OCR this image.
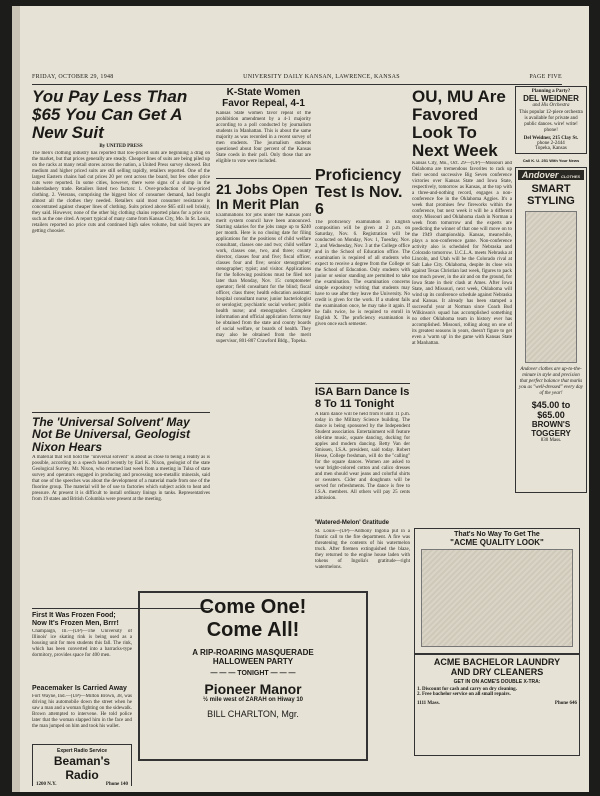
FRIDAY, OCTOBER 29, 1948	UNIVERSITY DAILY KANSAN, LAWRENCE, KANSAS	PAGE FIVE
You Pay Less Than $65 You Can Get A New Suit
By UNITED PRESS

The men's clothing industry has reported that low-priced suits are beginning a drag on the market, but that prices generally are steady. Cheaper lines of suits are being piled up on the racks at many retail stores across the nation, a United Press survey showed. But medium and higher priced suits are still selling rapidly, retailers reported. One of the largest Eastern chains had cut prices 20 per cent across the board, but few other price cuts were reported. In some cities, however, there were signs of a slump in the haberdashery trade. Retailers listed two factors: 1. Over-production of low-priced clothing. 2. Veterans, comprising the biggest bloc of consumer demand, had bought almost all the clothes they needed. Retailers said most consumer resistance is concentrated against cheaper lines of clothing. Suits priced above $65 still sell briskly, they said. However, none of the other big clothing chains reported plans for a price cut such as the one cited. A report typical of many came from Kansas City, Mo. In St. Louis, retailers reported no price cuts and continued high sales volume, but said buyers are getting choosier.

The 'Universal Solvent' May Not Be Universal, Geologist Nixon Hears

A material that will hold the "universal solvent" is about as close to being a reality as is possible, according to a speech heard recently by Earl K. Nixon, geologist of the state Geological Survey. Mr. Nixon, who returned last week from a meeting in Tulsa of state survey and operators engaged in producing and processing non-metallic minerals, said that one of the speeches was about the development of a material made from one of the fluorine group. The material will be of use to factories which subject acids to heat and pressure. At present it is difficult to install ordinary linings in tanks. Representatives from 19 states and British Columbia were present at the meeting.

First It Was Frozen Food; Now It's Frozen Men, Brrr!

Champaign, Ill.—(UP)—The University of Illinois' ice skating rink is being used as a housing unit for men students this fall. The rink, which has been converted into a barracks-type dormitory, provides space for 400 men.

Peacemaker Is Carried Away

Fort Wayne, Ind.—(UP)—Milton Brown, 38, was driving his automobile down the street when he saw a man and a woman fighting on the sidewalk. Brown attempted to intervene. He told police later that the woman slapped him in the face and the man jumped on him and took his wallet.

Expert Radio Service
Beaman's Radio
1200 N.Y.	Phone 140
K-State Women Favor Repeal, 4-1

Kansas State women favor repeal of the prohibition amendment by a 4-1 majority according to a poll conducted by journalism students in Manhattan. This is about the same majority as was recorded in a recent survey of men students. The journalism students questioned about four percent of the Kansas State coeds in their poll. Only those that are eligible to vote were included.

21 Jobs Open In Merit Plan

Examinations for jobs under the Kansas joint merit system council have been announced. Starting salaries for the jobs range up to $240 per month. Here is no closing date for filing applications for the positions of child welfare consultant, classes one and two; child welfare work, classes one, two, and three; county director, classes four and five; fiscal officer, classes four and five; senior stenographer; stenographer; typist; and visitor. Applications for the following positions must be filed not later than Monday, Nov. 15: comptometer operator; field consultant for the blind; fiscal officer, class three; health education assistant; hospital consultant nurse; junior bacteriologist or serologist; psychiatric social worker; public health nurse; and stenographer. Complete information and official application forms may be obtained from the state and county boards of social welfare, or boards of health. They may also be obtained from the merit supervisor, 801-807 Crawford Bldg., Topeka.

Proficiency Test Is Nov. 6

The proficiency examination in English composition will be given at 2 p.m. on Saturday, Nov. 6. Registration will be conducted on Monday, Nov. 1, Tuesday, Nov. 2, and Wednesday, Nov. 3 at the College office and in the School of Education office. The examination is required of all students who expect to receive a degree from the College or the School of Education. Only students with junior or senior standing are permitted to take the examination. The examination concerns simple expository writing that students may have to use after they leave the University. No credit is given for the work. If a student fails the examination once, he may take it again. If he fails twice, he is required to enroll in English X. The proficiency examination is given once each semester.

ISA Barn Dance Is 8 To 11 Tonight

A Barn dance will be held from 8 until 11 p.m. today in the Military Science building. The dance is being sponsored by the Independent Student association. Entertainment will feature old-time music, square dancing, ducking for apples and modern dancing. Betty Van der Smissen, I.S.A. president, said today. Robert Hesse, College freshman, will do the "calling" for the square dances. Women are asked to wear bright-colored cotton and calico dresses and men should wear jeans and colorful shirts or sweaters. Cider and doughnuts will be served for refreshments. The dance is free to I.S.A. members. All others will pay 25 cents admission.

'Watered-Melon' Gratitude

St. Louis—(UP)—Anthony Ingolia put in a frantic call to the fire department. A fire was threatening the contents of his watermelon truck. After firemen extinguished the blaze, they returned to the engine house laden with tokens of Ingolia's gratitude—right watermelons.

OU, MU Are Favored Look To Next Week

Kansas City, Mo., Oct. 29—(UP)—Missouri and Oklahoma are tremendous favorites to rack up their second successive Big Seven conference victories over Kansas State and Iowa State, respectively, tomorrow as Kansas, at the top with a three-and-nothing record, engages a non-conference foe in the Oklahoma Aggies. It's a week that promises few fireworks within the conference, but next week it will be a different story. Missouri and Oklahoma clash in Norman a week from tomorrow and the experts are predicting the winner of that one will move on to the 1949 championship. Kansas, meanwhile, plays a non-conference game. Non-conference activity also is scheduled for Nebraska and Colorado tomorrow. U.C.L.A. meets Nebraska at Lincoln, and Utah will be the Colorado rival at Salt Lake City. Oklahoma, despite its close win against Texas Christian last week, figures to pack too much power, in the air and on the ground, for Iowa State in their clash at Ames. After Iowa State, and Missouri, next week, Oklahoma will wind up its conference schedule against Nebraska and Kansas. It already has been stamped a successful year at Norman since Coach Bud Wilkinson's squad has accomplished something no other Oklahoma team in history ever has accomplished. Missouri, rolling along on one of its greatest seasons in years, doesn't figure to get even a 'warm up' in the game with Kansas State at Manhattan.

Planning a Party?
DEL WEIDNER
and His Orchestra
This popular 12-piece orchestra is available for private and public dances. wire! write! phone!
Del Weidner, 215 Clay St.
phone 2-2444
Topeka, Kansas
Call K. U. 251 With Your News
Andover CLOTHES
SMART
STYLING
Andover clothes are up-to-the-minute in style and precision that perfect balance that marks you as "well-dressed" every day of the year!
$45.00 to $65.00
BROWN'S TOGGERY
830 Mass.
That's No Way To Get The
"ACME QUALITY LOOK"
ACME BACHELOR LAUNDRY
AND DRY CLEANERS
GET IN ON ACME'S DOUBLE X-TRA:
1. Discount for cash and carry on dry cleaning.
2. Free bachelor service on all small repairs.
1111 Mass.	Phone 646
Come One!
Come All!
A RIP-ROARING MASQUERADE
HALLOWEEN PARTY
— — — TONIGHT — — —
Pioneer Manor
½ mile west of ZARAH on Hiway 10
BILL CHARLTON, Mgr.
